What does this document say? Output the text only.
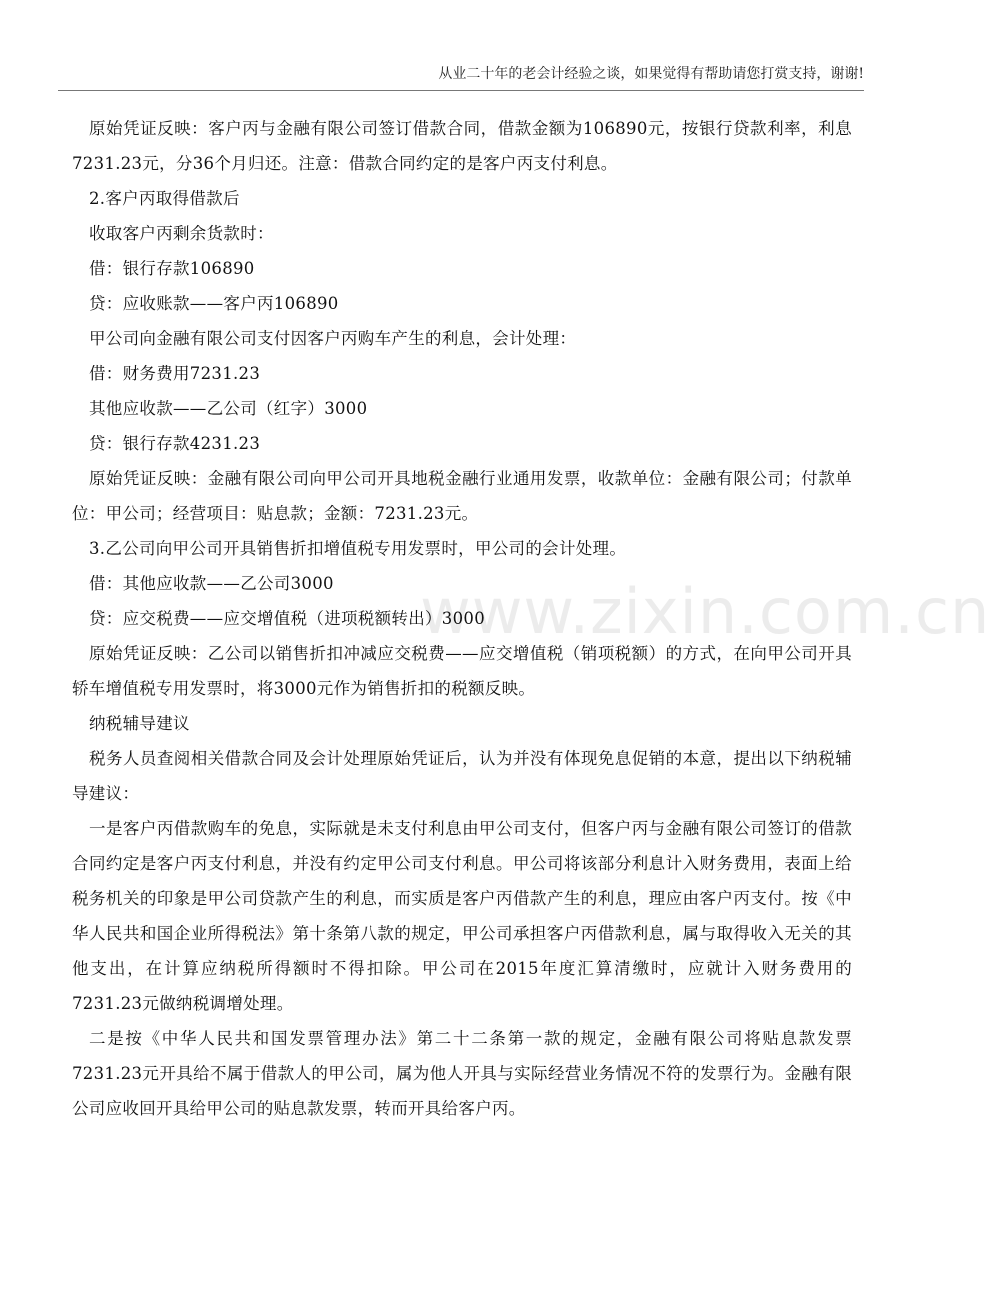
从业二十年的老会计经验之谈，如果觉得有帮助请您打赏支持，谢谢!
www.zixin.com.cn

原始凭证反映：客户丙与金融有限公司签订借款合同，借款金额为106890元，按银行贷款利率，利息7231.23元，分36个月归还。注意：借款合同约定的是客户丙支付利息。

2.客户丙取得借款后

收取客户丙剩余货款时：

借：银行存款106890

贷：应收账款——客户丙106890

甲公司向金融有限公司支付因客户丙购车产生的利息，会计处理：

借：财务费用7231.23

其他应收款——乙公司（红字）3000

贷：银行存款4231.23

原始凭证反映：金融有限公司向甲公司开具地税金融行业通用发票，收款单位：金融有限公司；付款单位：甲公司；经营项目：贴息款；金额：7231.23元。

3.乙公司向甲公司开具销售折扣增值税专用发票时，甲公司的会计处理。

借：其他应收款——乙公司3000

贷：应交税费——应交增值税（进项税额转出）3000

原始凭证反映：乙公司以销售折扣冲减应交税费——应交增值税（销项税额）的方式，在向甲公司开具轿车增值税专用发票时，将3000元作为销售折扣的税额反映。

纳税辅导建议

税务人员查阅相关借款合同及会计处理原始凭证后，认为并没有体现免息促销的本意，提出以下纳税辅导建议：

一是客户丙借款购车的免息，实际就是未支付利息由甲公司支付，但客户丙与金融有限公司签订的借款合同约定是客户丙支付利息，并没有约定甲公司支付利息。甲公司将该部分利息计入财务费用，表面上给税务机关的印象是甲公司贷款产生的利息，而实质是客户丙借款产生的利息，理应由客户丙支付。按《中华人民共和国企业所得税法》第十条第八款的规定，甲公司承担客户丙借款利息，属与取得收入无关的其他支出，在计算应纳税所得额时不得扣除。甲公司在2015年度汇算清缴时，应就计入财务费用的7231.23元做纳税调增处理。

二是按《中华人民共和国发票管理办法》第二十二条第一款的规定，金融有限公司将贴息款发票7231.23元开具给不属于借款人的甲公司，属为他人开具与实际经营业务情况不符的发票行为。金融有限公司应收回开具给甲公司的贴息款发票，转而开具给客户丙。
